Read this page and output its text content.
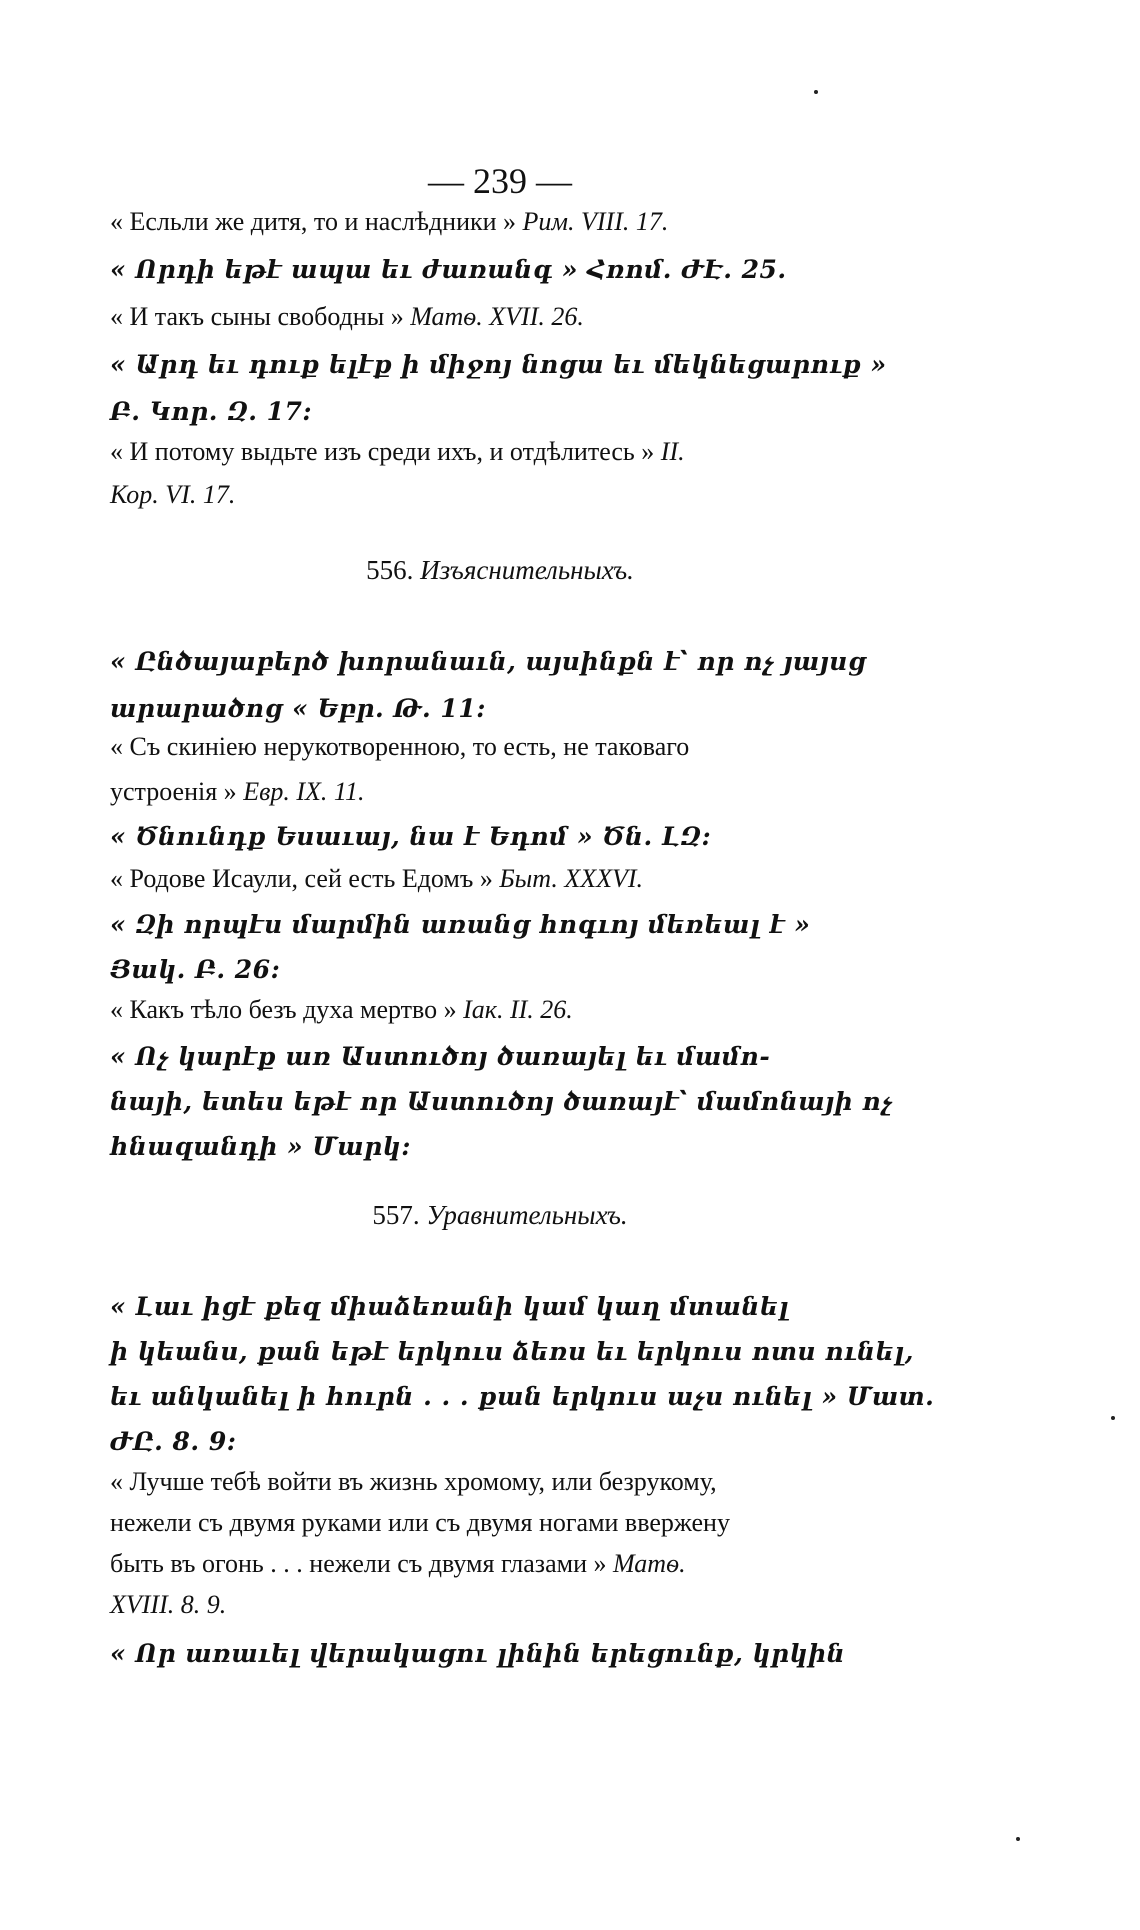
— 239 —
« Есльли же дитя, то и наслѣдники » Рим. VIII. 17.
« Որդի եթէ ապա եւ ժառանգ » Հռոմ. ԺԷ. 25.
« И такъ сыны свободны » Матѳ. XVII. 26.
« Արդ եւ դուք ելէք ի միջոյ նոցա եւ մեկնեցարուք »
Բ. Կոր. Զ. 17:
« И потому выдьте изъ среди ихъ, и отдѣлитесь » II.
Кор. VI. 17.
556. Изъяснительныхъ.
« Ընծայաբերծ խորանաւն, այսինքն է՝ որ ոչ յայսց
արարածոց « Եբր. Թ. 11:
« Съ скиніею нерукотворенною, то есть, не таковаго
устроенія » Евр. IX. 11.
« Ծնունդք Եսաւայ, նա է Եդոմ » Ծն. ԼԶ:
« Родове Исаули, сей есть Едомъ » Быт. XXXVI.
« Զի որպէս մարմին առանց հոգւոյ մեռեալ է »
Յակ. Բ. 26:
« Какъ тѣло безъ духа мертво » Іак. II. 26.
« Ոչ կարէք առ Աստուծոյ ծառայել եւ մամո-
նայի, ետես եթէ որ Աստուծոյ ծառայէ՝ մամոնայի ոչ
հնազանդի » Մարկ:
557. Уравнительныхъ.
« Լաւ իցէ քեզ միաձեռանի կամ կաղ մտանել
ի կեանս, քան եթէ երկուս ձեռս եւ երկուս ոտս ունել,
եւ անկանել ի հուրն . . . քան երկուս աչս ունել » Մատ.
ԺԸ. 8. 9:
« Лучше тебѣ войти въ жизнь хромому, или безрукому,
нежели съ двумя руками или съ двумя ногами ввержену
быть въ огонь . . . нежели съ двумя глазами » Матѳ.
XVIII. 8. 9.
« Որ առաւել վերակացու լինին երեցունք, կրկին
